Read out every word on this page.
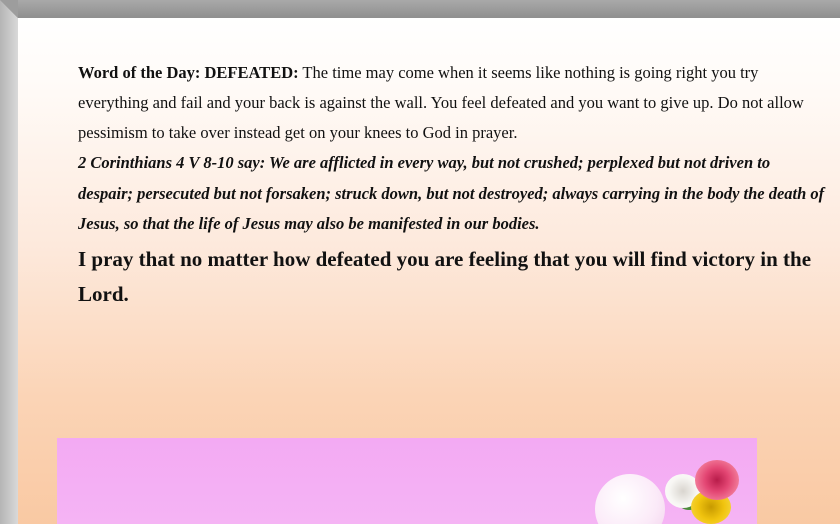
Word of the Day: DEFEATED: The time may come when it seems like nothing is going right you try everything and fail and your back is against the wall. You feel defeated and you want to give up. Do not allow pessimism to take over instead get on your knees to God in prayer.

2 Corinthians 4 V 8-10 say: We are afflicted in every way, but not crushed; perplexed but not driven to despair; persecuted but not forsaken; struck down, but not destroyed; always carrying in the body the death of Jesus, so that the life of Jesus may also be manifested in our bodies.

I pray that no matter how defeated you are feeling that you will find victory in the Lord.
